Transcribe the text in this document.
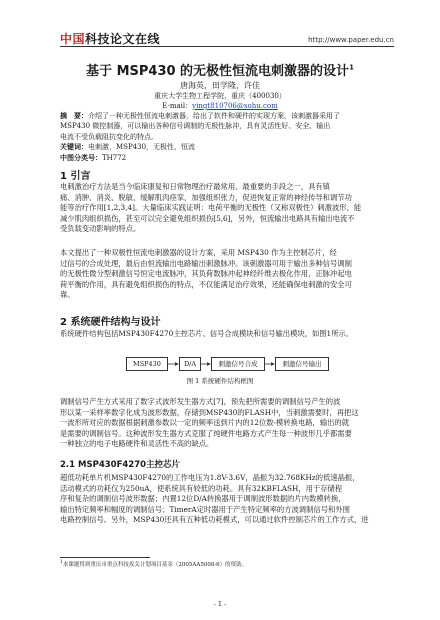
中国科技论文在线	http://www.paper.edu.cn
基于 MSP430 的无极性恒流电刺激器的设计$^1$
唐海英，田学隆，许佳
重庆大学生物工程学院，重庆（400030）
E-mail：yingt810706@sohu.com
摘　要：介绍了一种无极性恒流电刺激器，给出了软件和硬件的实现方案，该刺激器采用了
MSP430 微控制器，可以输出各种信号调制的无极性脉冲，具有灵活性好、安全、输出
电流不受负载阻抗变化的特点。
关键词：电刺激，MSP430，无极性，恒流
中图分类号：TH772
1 引言
电刺激治疗方法是当今临床康复和日常物理治疗最常用、最重要的手段之一，具有镇
痛、消肿、消炎、脱敏、缓解肌肉痉挛，加强组织张力，促进恢复正常的神经传导和调节功
能等治疗作用[1,2,3,4]。大量临床实践证明：电荷平衡的无极性（又称双极性）刺激波形，能
减少肌肉组织损伤，甚至可以完全避免组织损伤[5,6]，另外，恒流输出电路具有输出电流不
受负载变动影响的特点。
本文提出了一种双极性恒流电刺激器的设计方案，采用 MSP430 作为主控制芯片，经
过信号的合成处理，最后由恒流输出电路输出刺激脉冲。该刺激器可用于输出多种信号调制
的无极性微分型刺激信号恒定电流脉冲，其负荷数脉冲起神经纤维去极化作用，正脉冲起电
荷平衡的作用，具有避免组织损伤的特点，不仅能满足治疗效果，还能确保电刺激的安全可
靠。
2 系统硬件结构与设计
系统硬件结构包括MSP430F4270主控芯片、信号合成模块和信号输出模块，如图1所示。
MSP430	D/A	刺激信号合成	刺激信号输出
图 1 系统硬件结构框图
调制信号产生方式采用了数字式波形发生器方式[7]，预先把所需要的调制信号产生的波
形以某一采样率数字化成为波形数据，存储到MSP430的FLASH中，当刺激需要时，再把这
一波形所对应的数据根据刺激参数以一定的频率送到片内的12位数-模转换电路，输出的就
是需要的调制信号。这种波形发生器方式克服了纯硬件电路方式产生每一种波形几乎都需要
一种独立的电子电路硬件和灵活性不高的缺点。
2.1 MSP430F4270主控芯片
超低功耗单片机MSP430F4270的工作电压为1.8V-3.6V，晶振为32.768KHz的低速晶振，
活动模式的功耗仅为250uA，使系统具有较低的功耗。具有32KBFLASH，用于存储程
序和复杂的调制信号波形数据；内置12位D/A转换器用于调制波形数据的片内数模转换，
输出特定频率和幅度的调制信号；TimerA定时器用于产生特定频率的方波调制信号和外围
电路控制信号。另外，MSP430还具有五种低功耗模式，可以通过软件控制芯片的工作方式，进
$^1$本课题得到重庆市重点科技攻关计划项目基金（2005AA5008-6）的资助。
- 1 -
